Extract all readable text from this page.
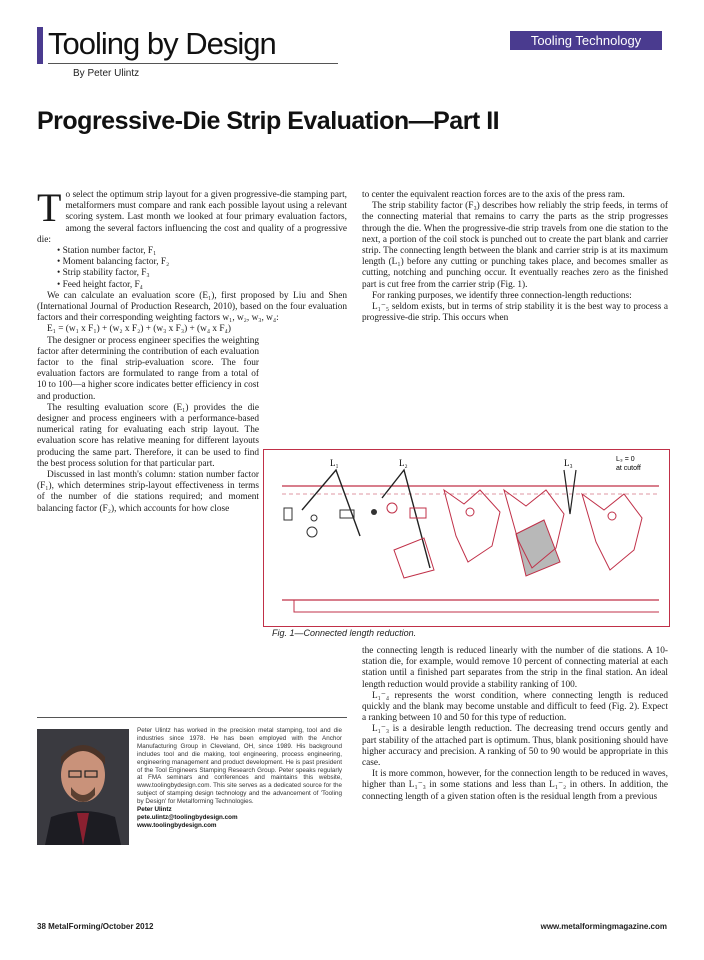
Tooling by Design	Tooling Technology
By Peter Ulintz
Progressive-Die Strip Evaluation—Part II

To select the optimum strip layout for a given progressive-die stamping part, metalformers must compare and rank each possible layout using a relevant scoring system. Last month we looked at four primary evaluation factors, among the several factors influencing the cost and quality of a progressive die:

• Station number factor, F₁
• Moment balancing factor, F₂
• Strip stability factor, F₃
• Feed height factor, F₄

We can calculate an evaluation score (E₁), first proposed by Liu and Shen (International Journal of Production Research, 2010), based on the four evaluation factors and their corresponding weighting factors w₁, w₂, w₃, w₄:

E₁ = (w₁ x F₁) + (w₂ x F₂) + (w₃ x F₃) + (w₄ x F₄)

The designer or process engineer specifies the weighting factor after determining the contribution of each evaluation factor to the final strip-evaluation score. The four evaluation factors are formulated to range from a total of 10 to 100—a higher score indicates better efficiency in cost and production.

The resulting evaluation score (E₁) provides the die designer and process engineers with a performance-based numerical rating for evaluating each strip layout. The evaluation score has relative meaning for different layouts producing the same part. Therefore, it can be used to find the best process solution for that particular part.

Discussed in last month's column: station number factor (F₁), which determines strip-layout effectiveness in terms of the number of die stations required; and moment balancing factor (F₂), which accounts for how close

to center the equivalent reaction forces are to the axis of the press ram.

The strip stability factor (F₃) describes how reliably the strip feeds, in terms of the connecting material that remains to carry the parts as the strip progresses through the die. When the progressive-die strip travels from one die station to the next, a portion of the coil stock is punched out to create the part blank and carrier strip. The connecting length between the blank and carrier strip is at its maximum length (L₁) before any cutting or punching takes place, and becomes smaller as cutting, notching and punching occur. It eventually reaches zero as the finished part is cut free from the carrier strip (Fig. 1).

For ranking purposes, we identify three connection-length reductions:

L₁⁻₅ seldom exists, but in terms of strip stability it is the best way to process a progressive-die strip. This occurs when

L₁	L₂	L₃	L₃ = 0
at cutoff
Fig. 1—Connected length reduction.

the connecting length is reduced linearly with the number of die stations. A 10-station die, for example, would remove 10 percent of connecting material at each station until a finished part separates from the strip in the final station. An ideal length reduction would provide a stability ranking of 100.

L₁⁻₄ represents the worst condition, where connecting length is reduced quickly and the blank may become unstable and difficult to feed (Fig. 2). Expect a ranking between 10 and 50 for this type of reduction.

L₁⁻₃ is a desirable length reduction. The decreasing trend occurs gently and part stability of the attached part is optimum. Thus, blank positioning should have higher accuracy and precision. A ranking of 50 to 90 would be appropriate in this case.

It is more common, however, for the connection length to be reduced in waves, higher than L₁⁻₃ in some stations and less than L₁⁻₂ in others. In addition, the connecting length of a given station often is the residual length from a previous

Peter Ulintz has worked in the precision metal stamping, tool and die industries since 1978. He has been employed with the Anchor Manufacturing Group in Cleveland, OH, since 1989. His background includes tool and die making, tool engineering, process engineering, engineering management and product development. He is past president of the Tool Engineers Stamping Research Group. Peter speaks regularly at FMA seminars and conferences and maintains this website, www.toolingbydesign.com. This site serves as a dedicated source for the subject of stamping design technology and the advancement of 'Tooling by Design' for Metalforming Technologies.
Peter Ulintz
pete.ulintz@toolingbydesign.com
www.toolingbydesign.com
38 MetalForming/October 2012	www.metalformingmagazine.com
